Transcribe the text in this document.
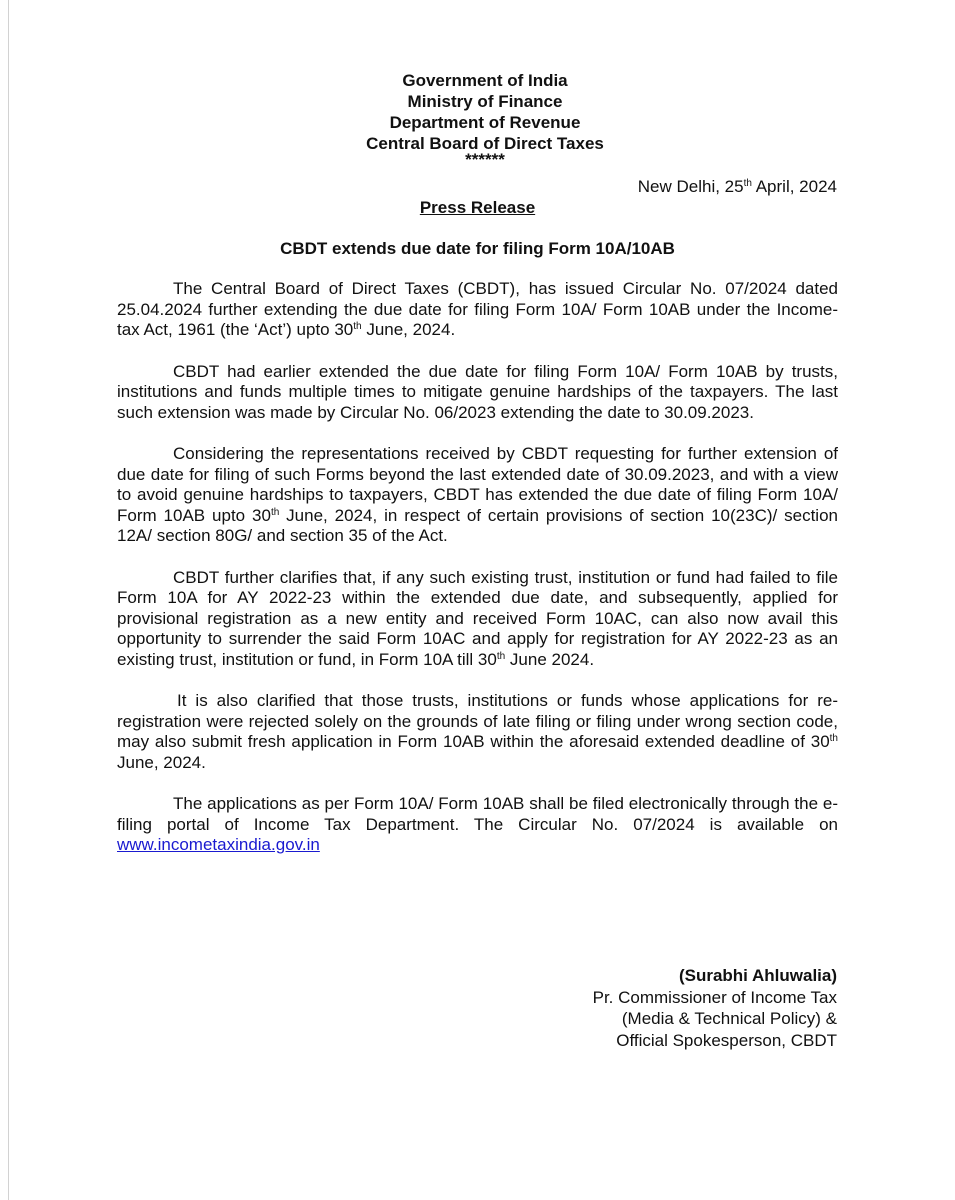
Government of India
Ministry of Finance
Department of Revenue
Central Board of Direct Taxes
******
New Delhi, 25th April, 2024
Press Release
CBDT extends due date for filing Form 10A/10AB

The Central Board of Direct Taxes (CBDT), has issued Circular No. 07/2024 dated 25.04.2024 further extending the due date for filing Form 10A/ Form 10AB under the Income-tax Act, 1961 (the ‘Act’) upto 30th June, 2024.

CBDT had earlier extended the due date for filing Form 10A/ Form 10AB by trusts, institutions and funds multiple times to mitigate genuine hardships of the taxpayers. The last such extension was made by Circular No. 06/2023 extending the date to 30.09.2023.

Considering the representations received by CBDT requesting for further extension of due date for filing of such Forms beyond the last extended date of 30.09.2023, and with a view to avoid genuine hardships to taxpayers, CBDT has extended the due date of filing Form 10A/ Form 10AB upto 30th June, 2024, in respect of certain provisions of section 10(23C)/ section 12A/ section 80G/ and section 35 of the Act.

CBDT further clarifies that, if any such existing trust, institution or fund had failed to file Form 10A for AY 2022-23 within the extended due date, and subsequently, applied for provisional registration as a new entity and received Form 10AC, can also now avail this opportunity to surrender the said Form 10AC and apply for registration for AY 2022-23 as an existing trust, institution or fund, in Form 10A till 30th June 2024.

It is also clarified that those trusts, institutions or funds whose applications for re-registration were rejected solely on the grounds of late filing or filing under wrong section code, may also submit fresh application in Form 10AB within the aforesaid extended deadline of 30th June, 2024.

The applications as per Form 10A/ Form 10AB shall be filed electronically through the e-filing portal of Income Tax Department. The Circular No. 07/2024 is available on www.incometaxindia.gov.in

(Surabhi Ahluwalia)
Pr. Commissioner of Income Tax
(Media & Technical Policy) &
Official Spokesperson, CBDT
